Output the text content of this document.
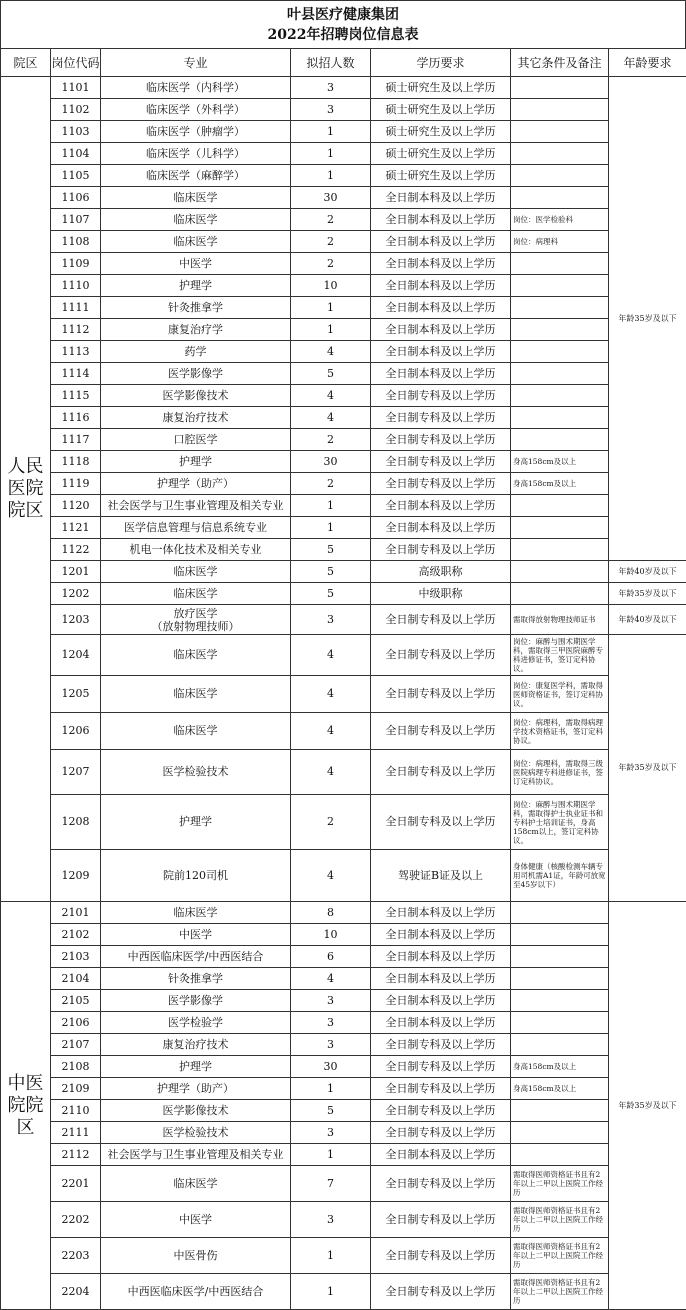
叶县医疗健康集团
2022年招聘岗位信息表
院区	岗位代码	专业	拟招人数	学历要求	其它条件及备注	年龄要求
人民医院院区	1101	临床医学（内科学）	3	硕士研究生及以上学历		年龄35岁及以下
	1102	临床医学（外科学）	3	硕士研究生及以上学历		
	1103	临床医学（肿瘤学）	1	硕士研究生及以上学历		
	1104	临床医学（儿科学）	1	硕士研究生及以上学历		
	1105	临床医学（麻醉学）	1	硕士研究生及以上学历		
	1106	临床医学	30	全日制本科及以上学历		
	1107	临床医学	2	全日制本科及以上学历	岗位：医学检验科	
	1108	临床医学	2	全日制本科及以上学历	岗位：病理科	
	1109	中医学	2	全日制本科及以上学历		
	1110	护理学	10	全日制本科及以上学历		
	1111	针灸推拿学	1	全日制本科及以上学历		
	1112	康复治疗学	1	全日制本科及以上学历		
	1113	药学	4	全日制本科及以上学历		
	1114	医学影像学	5	全日制本科及以上学历		
	1115	医学影像技术	4	全日制专科及以上学历		
	1116	康复治疗技术	4	全日制专科及以上学历		
	1117	口腔医学	2	全日制专科及以上学历		
	1118	护理学	30	全日制专科及以上学历	身高158cm及以上	
	1119	护理学（助产）	2	全日制专科及以上学历	身高158cm及以上	
	1120	社会医学与卫生事业管理及相关专业	1	全日制本科及以上学历		
	1121	医学信息管理与信息系统专业	1	全日制本科及以上学历		
	1122	机电一体化技术及相关专业	5	全日制专科及以上学历		
	1201	临床医学	5	高级职称		年龄40岁及以下
	1202	临床医学	5	中级职称		年龄35岁及以下
	1203	放疗医学
（放射物理技师）	3	全日制专科及以上学历	需取得放射物理技师证书	年龄40岁及以下
	1204	临床医学	4	全日制专科及以上学历	岗位：麻醉与围术期医学科，需取得三甲医院麻醉专科进修证书，签订定科协议。	年龄35岁及以下
	1205	临床医学	4	全日制专科及以上学历	岗位：康复医学科，需取得医师资格证书，签订定科协议。	
	1206	临床医学	4	全日制专科及以上学历	岗位：病理科，需取得病理学技术资格证书，签订定科协议。	
	1207	医学检验技术	4	全日制专科及以上学历	岗位：病理科，需取得三级医院病理专科进修证书，签订定科协议。	
	1208	护理学	2	全日制专科及以上学历	岗位：麻醉与围术期医学科，需取得护士执业证书和专科护士培训证书，身高158cm以上，签订定科协议。	
	1209	院前120司机	4	驾驶证B证及以上	身体健康（核酸检测车辆专用司机需A1证，年龄可放宽至45岁以下）	
中医院院区	2101	临床医学	8	全日制本科及以上学历		年龄35岁及以下
	2102	中医学	10	全日制本科及以上学历		
	2103	中西医临床医学/中西医结合	6	全日制本科及以上学历		
	2104	针灸推拿学	4	全日制本科及以上学历		
	2105	医学影像学	3	全日制本科及以上学历		
	2106	医学检验学	3	全日制本科及以上学历		
	2107	康复治疗技术	3	全日制专科及以上学历		
	2108	护理学	30	全日制专科及以上学历	身高158cm及以上	
	2109	护理学（助产）	1	全日制专科及以上学历	身高158cm及以上	
	2110	医学影像技术	5	全日制专科及以上学历		
	2111	医学检验技术	3	全日制专科及以上学历		
	2112	社会医学与卫生事业管理及相关专业	1	全日制本科及以上学历		
	2201	临床医学	7	全日制专科及以上学历	需取得医师资格证书且有2年以上二甲以上医院工作经历	
	2202	中医学	3	全日制专科及以上学历	需取得医师资格证书且有2年以上二甲以上医院工作经历	
	2203	中医骨伤	1	全日制专科及以上学历	需取得医师资格证书且有2年以上二甲以上医院工作经历	
	2204	中西医临床医学/中西医结合	1	全日制专科及以上学历	需取得医师资格证书且有2年以上二甲以上医院工作经历	
